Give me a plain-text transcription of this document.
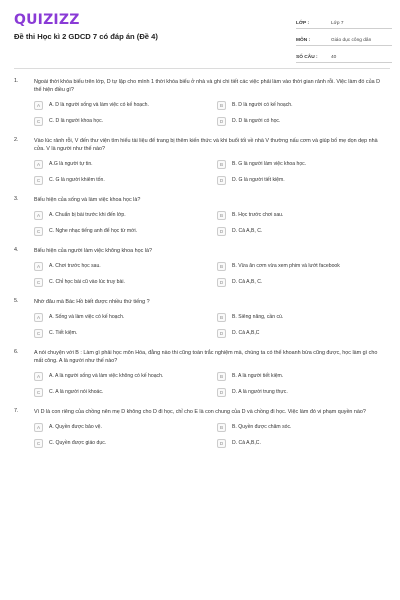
QUIZIZZ
Đề thi Học kì 2 GDCD 7 có đáp án (Đề 4)
LỚP :	Lớp 7
MÔN :	Giáo dục công dân
SỐ CÂU :	40
1.	Ngoài thời khóa biểu trên lớp, D tự lập cho mình 1 thời khóa biểu ở nhà và ghi chi tiết các việc phải làm vào thời gian rảnh rỗi. Việc làm đó của D thể hiện điều gì?
A	A. D là người sống và làm việc có kế hoạch.	B	B. D là người có kế hoạch.
C	C. D là người khoa học.	D	D. D là người có học.
2.	Vào lúc rảnh rỗi, V đến thư viện tìm hiểu tài liệu để trang bị thêm kiến thức và khi buổi tối về nhà V thường nấu cơm và giúp bố mẹ dọn dẹp nhà cửa. V là người như thế nào?
A	A.G là người tự tin.	B	B. G là người làm việc khoa học.
C	C. G là người khiêm tốn.	D	D. G là người tiết kiệm.
3.	Biểu hiện của sống và làm việc khoa học là?
A	A. Chuẩn bị bài trước khi đến lớp.	B	B. Học trước chơi sau.
C	C. Nghe nhạc tiếng anh để học từ mới.	D	D. Cả A,B, C.
4.	Biểu hiện của người làm việc không khoa học là?
A	A. Chơi trước học sau.	B	B. Vừa ăn cơm vừa xem phim và lướt facebook
C	C. Chỉ học bài cũ vào lúc truy bài.	D	D. Cả A,B, C.
5.	Nhờ đâu mà Bác Hồ biết được nhiều thứ tiếng ?
A	A. Sống và làm việc có kế hoạch.	B	B. Siêng năng, cần cù.
C	C. Tiết kiệm.	D	D. Cả A,B,C
6.	A nói chuyện với B : Làm gì phải học môn Hóa, đằng nào thi cũng toàn trắc nghiệm mà, chúng ta có thể khoanh bừa cũng được, học làm gì cho mất công. A là người như thế nào?
A	A. A là người sống và làm việc không có kế hoạch.	B	B. A là người tiết kiệm.
C	C. A là người nói khoác.	D	D. A là người trung thực.
7.	Vì D là con riêng của chồng nên mẹ D không cho D đi học, chỉ cho E là con chung của D và chồng đi học. Việc làm đó vi phạm quyền nào?
A	A. Quyền được bảo vệ.	B	B. Quyền được chăm sóc.
C	C. Quyền được giáo dục.	D	D. Cả A,B,C.
